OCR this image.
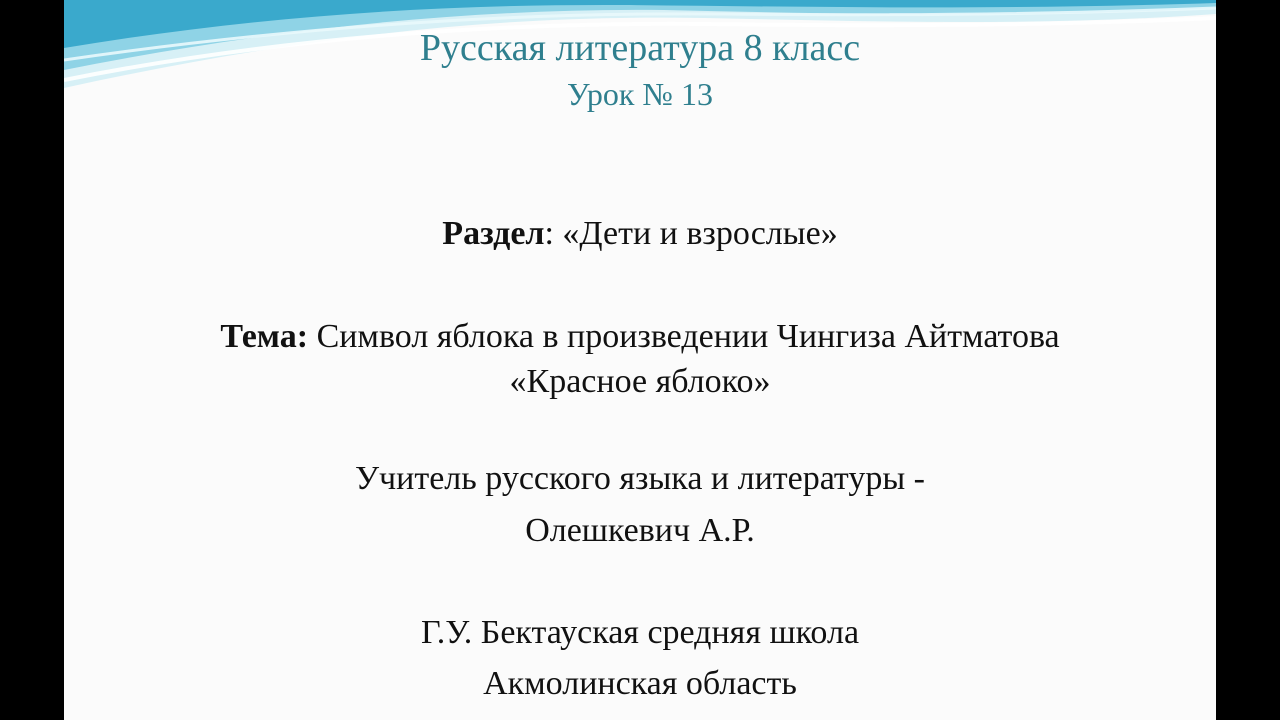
Русская литература 8 класс
Урок № 13
Раздел: «Дети и взрослые»
Тема: Символ яблока в произведении Чингиза Айтматова
«Красное яблоко»
Учитель русского языка и литературы -
Олешкевич А.Р.
Г.У. Бектауская средняя школа
Акмолинская область
